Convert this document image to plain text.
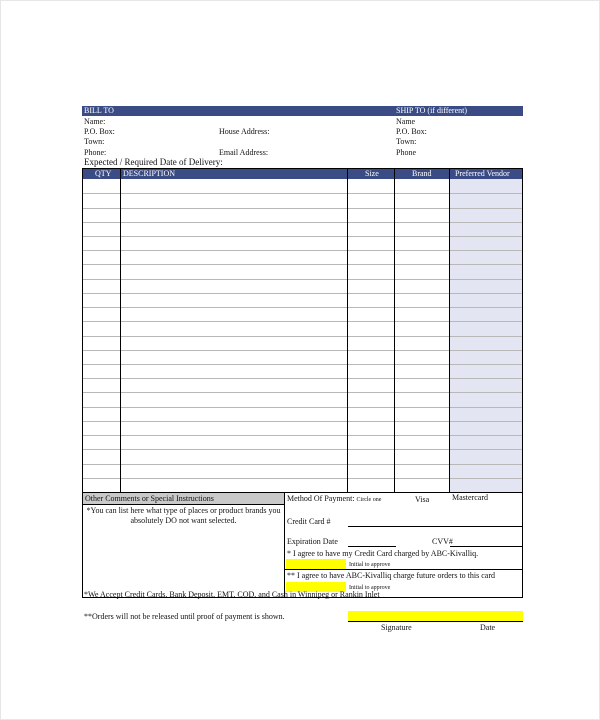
BILL TO	SHIP TO (if different)
Name:
P.O. Box:
Town:
Phone:
House Address:
Email Address:
Name
P.O. Box:
Town:
Phone
Expected / Required Date of Delivery:
QTY DESCRIPTION	Size	Brand	Preferred Vendor
Other Comments or Special Instructions
*You can list here what type of places or product brands you absolutely DO not want selected.
Method Of Payment: Circle one	Visa	Mastercard
Credit Card #
Expiration Date	CVV#
* I agree to have my Credit Card charged by ABC-Kivalliq.
Initial to approve
** I agree to have ABC-Kivalliq charge future orders to this card
Initial to approve
*We Accept Credit Cards, Bank Deposit, EMT, COD, and Cash in Winnipeg or Rankin Inlet
**Orders will not be released until proof of payment is shown.
Signature	Date
